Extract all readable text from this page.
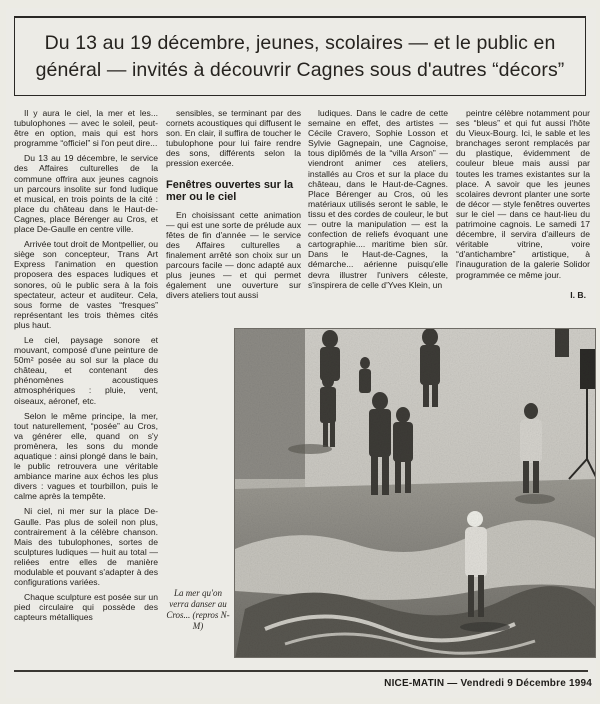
Du 13 au 19 décembre, jeunes, scolaires — et le public en général — invités à découvrir Cagnes sous d'autres “décors”

Il y aura le ciel, la mer et les... tubulophones — avec le soleil, peut-être en option, mais qui est hors programme “officiel” si l'on peut dire...

Du 13 au 19 décembre, le service des Affaires culturelles de la commune offrira aux jeunes cagnois un parcours insolite sur fond ludique et musical, en trois points de la cité : place du château dans le Haut-de-Cagnes, place Bérenger au Cros, et place De-Gaulle en centre ville.

Arrivée tout droit de Montpellier, ou siège son concepteur, Trans Art Express l'animation en question proposera des espaces ludiques et sonores, où le public sera à la fois spectateur, acteur et auditeur. Cela, sous forme de vastes “fresques” représentant les trois thèmes cités plus haut.

Le ciel, paysage sonore et mouvant, composé d'une peinture de 50m² posée au sol sur la place du château, et contenant des phénomènes acoustiques atmosphériques : pluie, vent, oiseaux, aéronef, etc.

Selon le même principe, la mer, tout naturellement, “posée” au Cros, va générer elle, quand on s'y promènera, les sons du monde aquatique : ainsi plongé dans le bain, le public retrouvera une véritable ambiance marine aux échos les plus divers : vagues et tourbillon, puis le calme après la tempête.

Ni ciel, ni mer sur la place De-Gaulle. Pas plus de soleil non plus, contrairement à la célèbre chanson. Mais des tubulophones, sortes de sculptures ludiques — huit au total — reliées entre elles de manière modulable et pouvant s'adapter à des configurations variées.

Chaque sculpture est posée sur un pied circulaire qui possède des capteurs métalliques

sensibles, se terminant par des cornets acoustiques qui diffusent le son. En clair, il suffira de toucher le tubulophone pour lui faire rendre des sons, différents selon la pression exercée.

Fenêtres ouvertes sur la mer ou le ciel

En choisissant cette animation — qui est une sorte de prélude aux fêtes de fin d'année — le service des Affaires culturelles a finalement arrêté son choix sur un parcours facile — donc adapté aux plus jeunes — et qui permet également une ouverture sur divers ateliers tout aussi

ludiques. Dans le cadre de cette semaine en effet, des artistes — Cécile Cravero, Sophie Losson et Sylvie Gagnepain, une Cagnoise, tous diplômés de la “villa Arson” — viendront animer ces ateliers, installés au Cros et sur la place du château, dans le Haut-de-Cagnes. Place Bérenger au Cros, où les matériaux utilisés seront le sable, le tissu et des cordes de couleur, le but — outre la manipulation — est la confection de reliefs évoquant une cartographie.... maritime bien sûr. Dans le Haut-de-Cagnes, la démarche... aérienne puisqu'elle devra illustrer l'univers céleste, s'inspirera de celle d'Yves Klein, un

peintre célèbre notamment pour ses “bleus” et qui fut aussi l'hôte du Vieux-Bourg. Ici, le sable et les branchages seront remplacés par du plastique, évidemment de couleur bleue mais aussi par toutes les trames existantes sur la place. A savoir que les jeunes scolaires devront planter une sorte de décor — style fenêtres ouvertes sur le ciel — dans ce haut-lieu du patrimoine cagnois. Le samedi 17 décembre, il servira d'ailleurs de véritable vitrine, voire “d'antichambre” artistique, à l'inauguration de la galerie Solidor programmée ce même jour.

I. B.
La mer qu'on verra danser au Cros... (repros N-M)
NICE-MATIN — Vendredi 9 Décembre 1994
